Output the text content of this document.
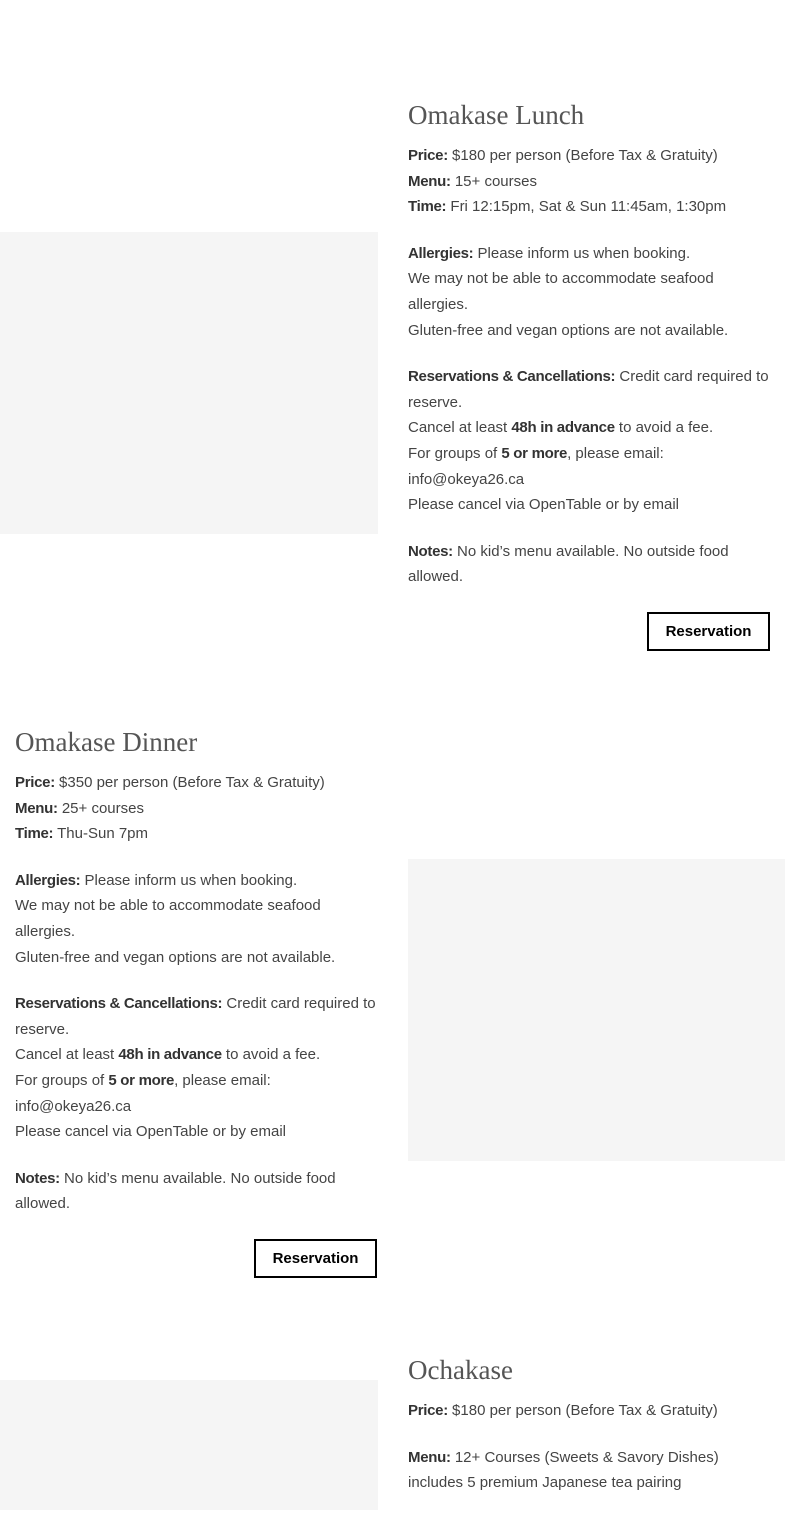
Omakase Lunch

Price: $180 per person (Before Tax & Gratuity)
Menu: 15+ courses
Time: Fri 12:15pm, Sat & Sun 11:45am, 1:30pm

Allergies: Please inform us when booking.
We may not be able to accommodate seafood allergies.
Gluten-free and vegan options are not available.

Reservations & Cancellations: Credit card required to reserve.
Cancel at least 48h in advance to avoid a fee.
For groups of 5 or more, please email: info@okeya26.ca
Please cancel via OpenTable or by email

Notes: No kid’s menu available. No outside food allowed.

Reservation
Omakase Dinner

Price: $350 per person (Before Tax & Gratuity)
Menu: 25+ courses
Time: Thu-Sun 7pm

Allergies: Please inform us when booking.
We may not be able to accommodate seafood allergies.
Gluten-free and vegan options are not available.

Reservations & Cancellations: Credit card required to reserve.
Cancel at least 48h in advance to avoid a fee.
For groups of 5 or more, please email: info@okeya26.ca
Please cancel via OpenTable or by email

Notes: No kid’s menu available. No outside food allowed.

Reservation
Ochakase

Price: $180 per person (Before Tax & Gratuity)

Menu: 12+ Courses (Sweets & Savory Dishes) includes 5 premium Japanese tea pairing
